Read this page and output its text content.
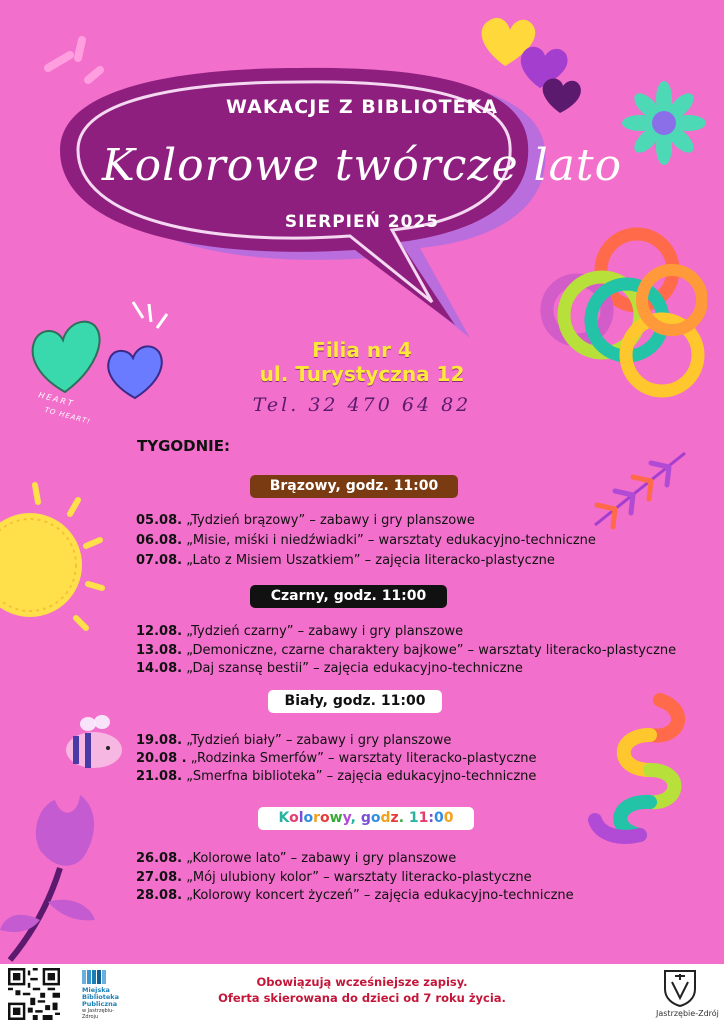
WAKACJE Z BIBLIOTEKĄ
Kolorowe twórcze lato
SIERPIEŃ 2025
HEART
TO HEART!
Filia nr 4
ul. Turystyczna 12
Tel. 32 470 64 82
TYGODNIE:
Brązowy, godz. 11:00
05.08. „Tydzień brązowy” – zabawy i gry planszowe
06.08. „Misie, miśki i niedźwiadki” – warsztaty edukacyjno-techniczne
07.08. „Lato z Misiem Uszatkiem” – zajęcia literacko-plastyczne
Czarny, godz. 11:00
12.08. „Tydzień czarny” – zabawy i gry planszowe
13.08. „Demoniczne, czarne charaktery bajkowe” – warsztaty literacko-plastyczne
14.08. „Daj szansę bestii” – zajęcia edukacyjno-techniczne
Biały, godz. 11:00
19.08. „Tydzień biały” – zabawy i gry planszowe
20.08 . „Rodzinka Smerfów” – warsztaty literacko-plastyczne
21.08. „Smerfna biblioteka” – zajęcia edukacyjno-techniczne
Kolorowy, godz. 11:00
26.08. „Kolorowe lato” – zabawy i gry planszowe
27.08. „Mój ulubiony kolor” – warsztaty literacko-plastyczne
28.08. „Kolorowy koncert życzeń” – zajęcia edukacyjno-techniczne
Miejska
Biblioteka
Publiczna
w Jastrzębiu-
Zdroju
Obowiązują wcześniejsze zapisy.
Oferta skierowana do dzieci od 7 roku życia.
Jastrzębie-Zdrój
